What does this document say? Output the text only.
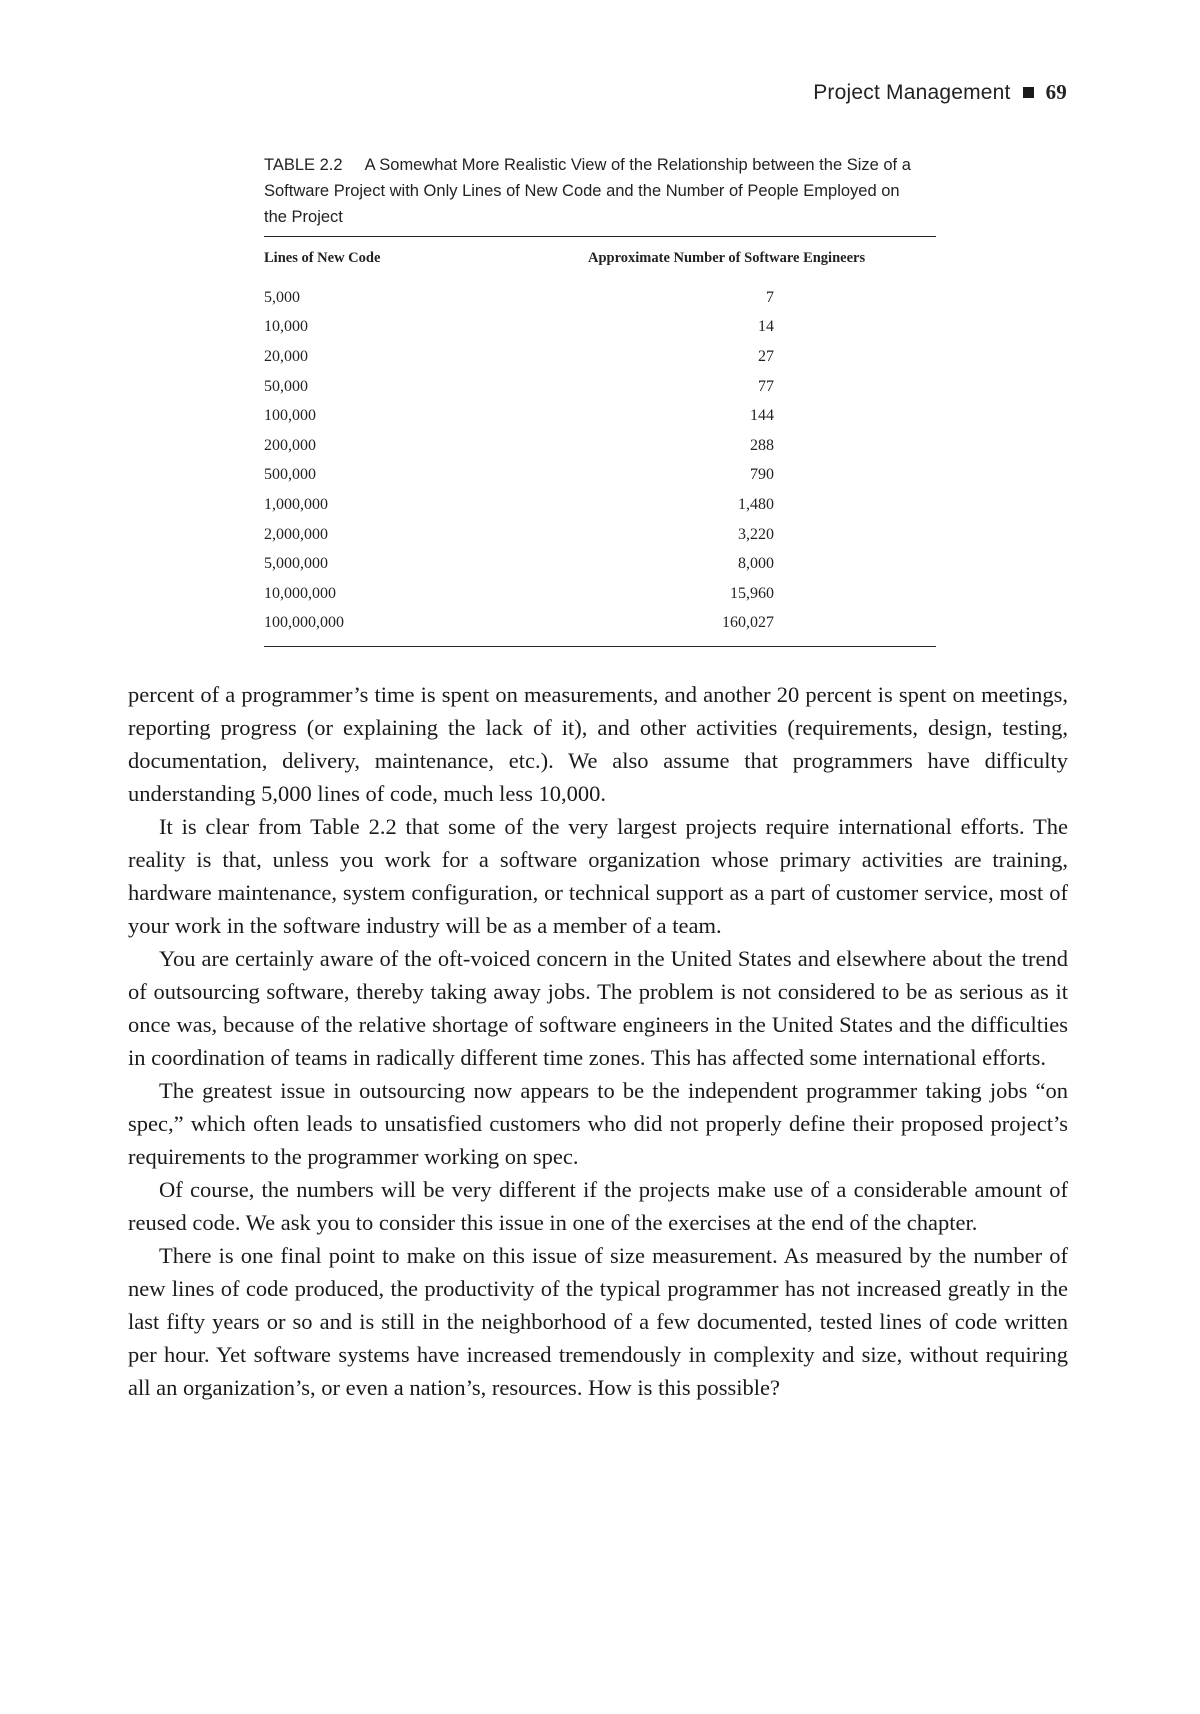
Project Management 69
TABLE 2.2 A Somewhat More Realistic View of the Relationship between the Size of a Software Project with Only Lines of New Code and the Number of People Employed on the Project
Lines of New Code	Approximate Number of Software Engineers
5,000	7
10,000	14
20,000	27
50,000	77
100,000	144
200,000	288
500,000	790
1,000,000	1,480
2,000,000	3,220
5,000,000	8,000
10,000,000	15,960
100,000,000	160,027

percent of a programmer’s time is spent on measurements, and another 20 percent is spent on meetings, reporting progress (or explaining the lack of it), and other activities (requirements, design, testing, documentation, delivery, maintenance, etc.). We also assume that programmers have difficulty understanding 5,000 lines of code, much less 10,000.

It is clear from Table 2.2 that some of the very largest projects require international efforts. The reality is that, unless you work for a software organization whose primary activities are training, hardware maintenance, system configuration, or technical support as a part of customer service, most of your work in the software industry will be as a member of a team.

You are certainly aware of the oft-voiced concern in the United States and elsewhere about the trend of outsourcing software, thereby taking away jobs. The problem is not considered to be as serious as it once was, because of the relative shortage of software engineers in the United States and the difficulties in coordination of teams in radically different time zones. This has affected some international efforts.

The greatest issue in outsourcing now appears to be the independent programmer taking jobs “on spec,” which often leads to unsatisfied customers who did not properly define their proposed project’s requirements to the programmer working on spec.

Of course, the numbers will be very different if the projects make use of a considerable amount of reused code. We ask you to consider this issue in one of the exercises at the end of the chapter.

There is one final point to make on this issue of size measurement. As measured by the number of new lines of code produced, the productivity of the typical programmer has not increased greatly in the last fifty years or so and is still in the neighborhood of a few documented, tested lines of code written per hour. Yet software systems have increased tremendously in complexity and size, without requiring all an organization’s, or even a nation’s, resources. How is this possible?
